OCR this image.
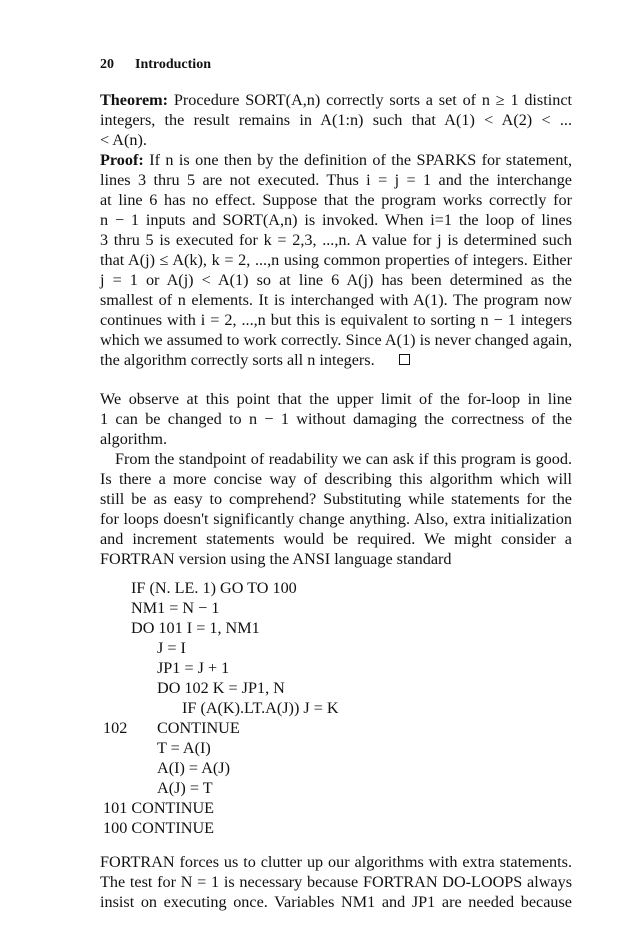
20 Introduction
Theorem: Procedure SORT(A,n) correctly sorts a set of n ≥ 1 distinct
integers, the result remains in A(1:n) such that A(1) < A(2) < ...
< A(n).
Proof: If n is one then by the definition of the SPARKS for statement,
lines 3 thru 5 are not executed. Thus i = j = 1 and the interchange
at line 6 has no effect. Suppose that the program works correctly for
n − 1 inputs and SORT(A,n) is invoked. When i=1 the loop of lines
3 thru 5 is executed for k = 2,3, ...,n. A value for j is determined such
that A(j) ≤ A(k), k = 2, ...,n using common properties of integers. Either
j = 1 or A(j) < A(1) so at line 6 A(j) has been determined as the
smallest of n elements. It is interchanged with A(1). The program now
continues with i = 2, ...,n but this is equivalent to sorting n − 1 integers
which we assumed to work correctly. Since A(1) is never changed again,
the algorithm correctly sorts all n integers.
We observe at this point that the upper limit of the for-loop in line
1 can be changed to n − 1 without damaging the correctness of the
algorithm.
From the standpoint of readability we can ask if this program is good.
Is there a more concise way of describing this algorithm which will
still be as easy to comprehend? Substituting while statements for the
for loops doesn't significantly change anything. Also, extra initialization
and increment statements would be required. We might consider a
FORTRAN version using the ANSI language standard
IF (N. LE. 1) GO TO 100
NM1 = N − 1
DO 101 I = 1, NM1
J = I
JP1 = J + 1
DO 102 K = JP1, N
IF (A(K).LT.A(J)) J = K
102 CONTINUE
T = A(I)
A(I) = A(J)
A(J) = T
101 CONTINUE
100 CONTINUE
FORTRAN forces us to clutter up our algorithms with extra statements.
The test for N = 1 is necessary because FORTRAN DO-LOOPS always
insist on executing once. Variables NM1 and JP1 are needed because
